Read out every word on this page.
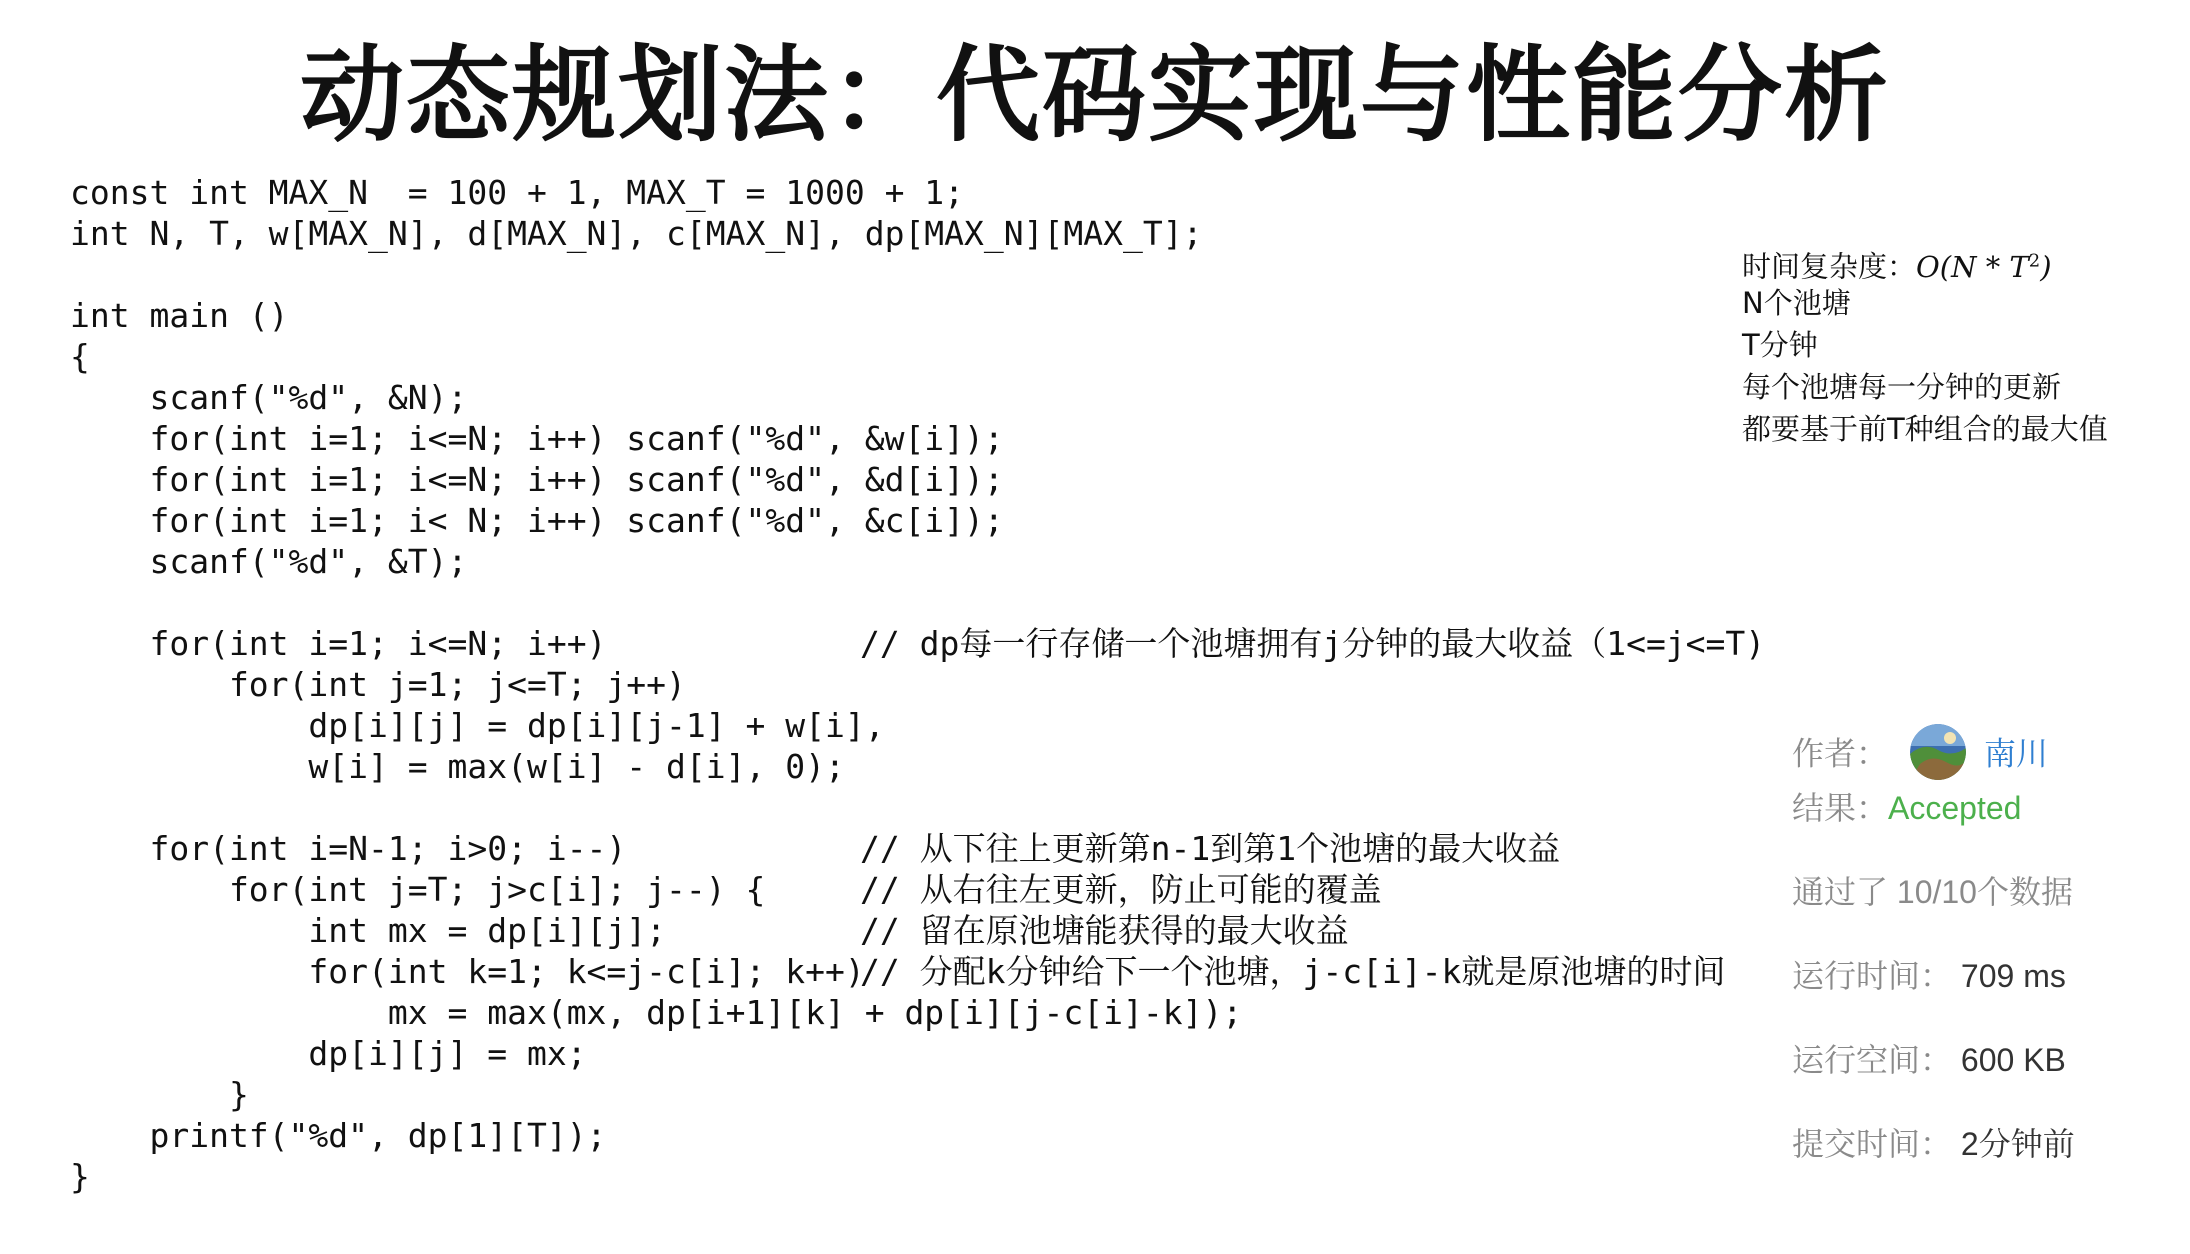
动态规划法：代码实现与性能分析
const int MAX_N  = 100 + 1, MAX_T = 1000 + 1;
int N, T, w[MAX_N], d[MAX_N], c[MAX_N], dp[MAX_N][MAX_T];
int main ()
{
scanf("%d", &N);
for(int i=1; i<=N; i++) scanf("%d", &w[i]);
for(int i=1; i<=N; i++) scanf("%d", &d[i]);
for(int i=1; i< N; i++) scanf("%d", &c[i]);
scanf("%d", &T);
for(int i=1; i<=N; i++)	// dp每一行存储一个池塘拥有j分钟的最大收益（1<=j<=T)
for(int j=1; j<=T; j++)
dp[i][j] = dp[i][j-1] + w[i],
w[i] = max(w[i] - d[i], 0);
for(int i=N-1; i>0; i--)	// 从下往上更新第n-1到第1个池塘的最大收益
for(int j=T; j>c[i]; j--) {	// 从右往左更新，防止可能的覆盖
int mx = dp[i][j];	// 留在原池塘能获得的最大收益
for(int k=1; k<=j-c[i]; k++)
// 分配k分钟给下一个池塘，j-c[i]-k就是原池塘的时间
mx = max(mx, dp[i+1][k] + dp[i][j-c[i]-k]);
dp[i][j] = mx;
}
printf("%d", dp[1][T]);
}
时间复杂度：$O(N * T^2)$
N个池塘
T分钟
每个池塘每一分钟的更新
都要基于前T种组合的最大值
作者：	南川
结果：Accepted
通过了 10/10个数据
运行时间： 709 ms
运行空间： 600 KB
提交时间： 2分钟前
